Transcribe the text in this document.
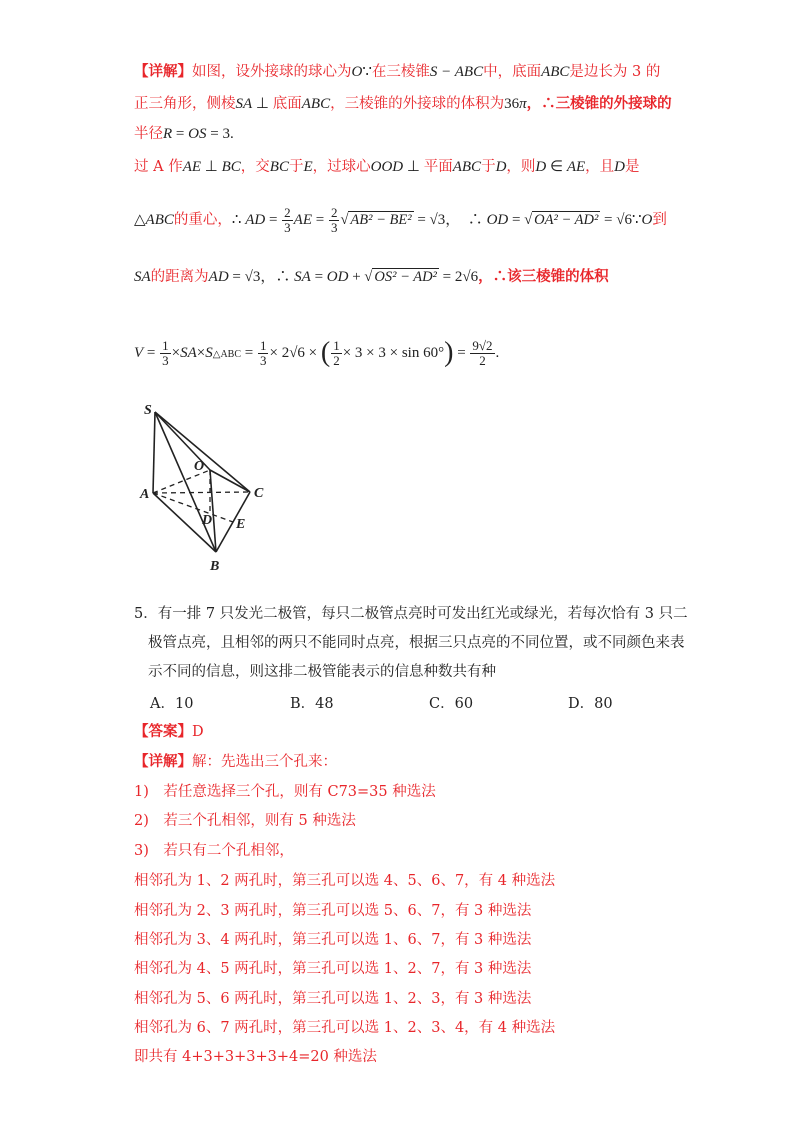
【详解】如图，设外接球的球心为O∵在三棱锥S − ABC中，底面ABC是边长为 3 的
正三角形，侧棱SA ⊥ 底面ABC，三棱锥的外接球的体积为36π，∴三棱锥的外接球的
半径R = OS = 3.
过 A 作AE ⊥ BC，交BC于E，过球心OOD ⊥ 平面ABC于D，则D ∈ AE，且D是
△ABC的重心，∴ AD = $\frac{2}{3}$ AE = $\frac{2}{3}$ √ AB² − BE² = √3，  ∴ OD = √ OA² − AD² = √6∵O到
SA的距离为AD = √3，∴ SA = OD + √ OS² − AD² = 2√6，∴该三棱锥的体积
$V = \frac{1}{3}$ ×SA×S△ABC = $\frac{1}{3} \times 2√6$ × ( $\frac{1}{2} \times 3 \times 3 \times \sin 60^\circ) = \frac{9√2}{2}$ .
S
O
A	C
D E
B
5．有一排 7 只发光二极管，每只二极管点亮时可发出红光或绿光，若每次恰有 3 只二
极管点亮，且相邻的两只不能同时点亮，根据三只点亮的不同位置，或不同颜色来表
示不同的信息，则这排二极管能表示的信息种数共有种
A．10	B．48	C．60	D．80
【答案】D
【详解】解：先选出三个孔来：
1)　若任意选择三个孔，则有 C73=35 种选法
2)　若三个孔相邻，则有 5 种选法
3)　若只有二个孔相邻，
相邻孔为 1、2 两孔时，第三孔可以选 4、5、6、7，有 4 种选法
相邻孔为 2、3 两孔时，第三孔可以选 5、6、7，有 3 种选法
相邻孔为 3、4 两孔时，第三孔可以选 1、6、7，有 3 种选法
相邻孔为 4、5 两孔时，第三孔可以选 1、2、7，有 3 种选法
相邻孔为 5、6 两孔时，第三孔可以选 1、2、3，有 3 种选法
相邻孔为 6、7 两孔时，第三孔可以选 1、2、3、4，有 4 种选法
即共有 4+3+3+3+3+4=20 种选法
